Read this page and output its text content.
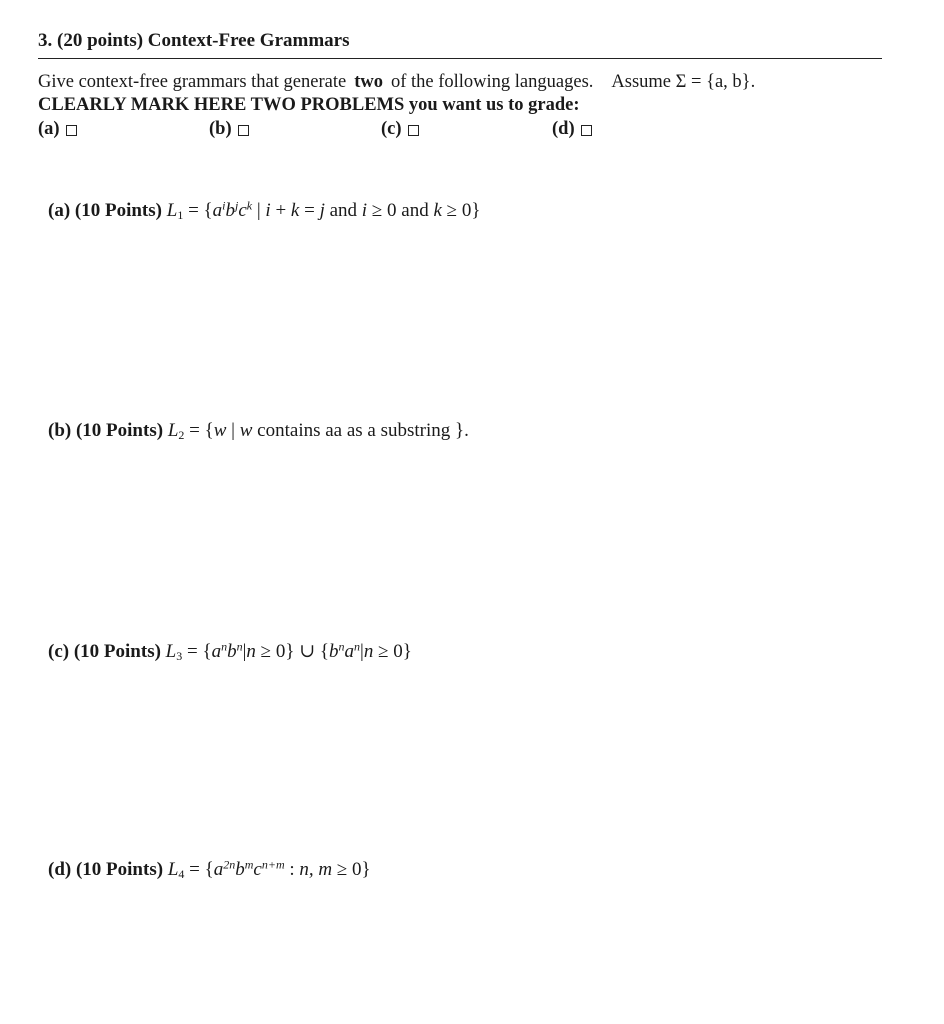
3. (20 points) Context-Free Grammars
Give context-free grammars that generate two of the following languages. Assume Σ = {a, b}.
CLEARLY MARK HERE TWO PROBLEMS you want us to grade:
(a)	(b)	(c)	(d)
(a) (10 Points) $L_1 = \{a^ib^jc^k$ | i + k = j and i ≥ 0 and k ≥ 0}
(b) (10 Points) $L_2 = \{w$ | w contains aa as a substring }.
(c) (10 Points) $L_3 = \{a^nb^n|n \ge 0\}$ ∪ $\{b^na^n|n \ge 0\}$
(d) (10 Points) $L_4 = \{a^{2n}b^mc^{n+m}$ : n, m ≥ 0}
